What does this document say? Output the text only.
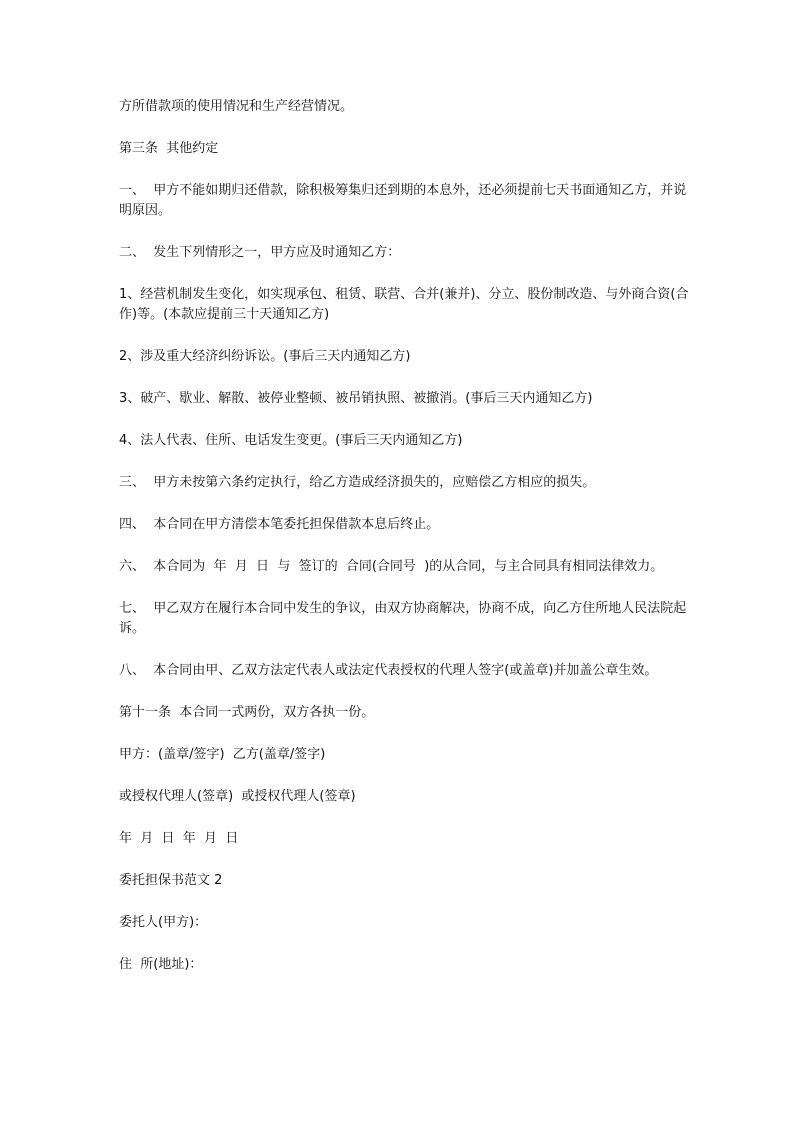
方所借款项的使用情况和生产经营情况。

第三条  其他约定

一、  甲方不能如期归还借款，除积极筹集归还到期的本息外，还必须提前七天书面通知乙方，并说明原因。

二、  发生下列情形之一，甲方应及时通知乙方：

1、经营机制发生变化，如实现承包、租赁、联营、合并(兼并)、分立、股份制改造、与外商合资(合作)等。(本款应提前三十天通知乙方)

2、涉及重大经济纠纷诉讼。(事后三天内通知乙方)

3、破产、歇业、解散、被停业整顿、被吊销执照、被撤消。(事后三天内通知乙方)

4、法人代表、住所、电话发生变更。(事后三天内通知乙方)

三、  甲方未按第六条约定执行，给乙方造成经济损失的，应赔偿乙方相应的损失。

四、  本合同在甲方清偿本笔委托担保借款本息后终止。

六、  本合同为  年  月  日  与  签订的  合同(合同号  )的从合同，与主合同具有相同法律效力。

七、  甲乙双方在履行本合同中发生的争议，由双方协商解决，协商不成，向乙方住所地人民法院起诉。

八、  本合同由甲、乙双方法定代表人或法定代表授权的代理人签字(或盖章)并加盖公章生效。

第十一条  本合同一式两份，双方各执一份。

甲方：(盖章/签字)  乙方(盖章/签字)

或授权代理人(签章)  或授权代理人(签章)

年  月  日  年  月  日

委托担保书范文 2

委托人(甲方)：

住  所(地址)：
